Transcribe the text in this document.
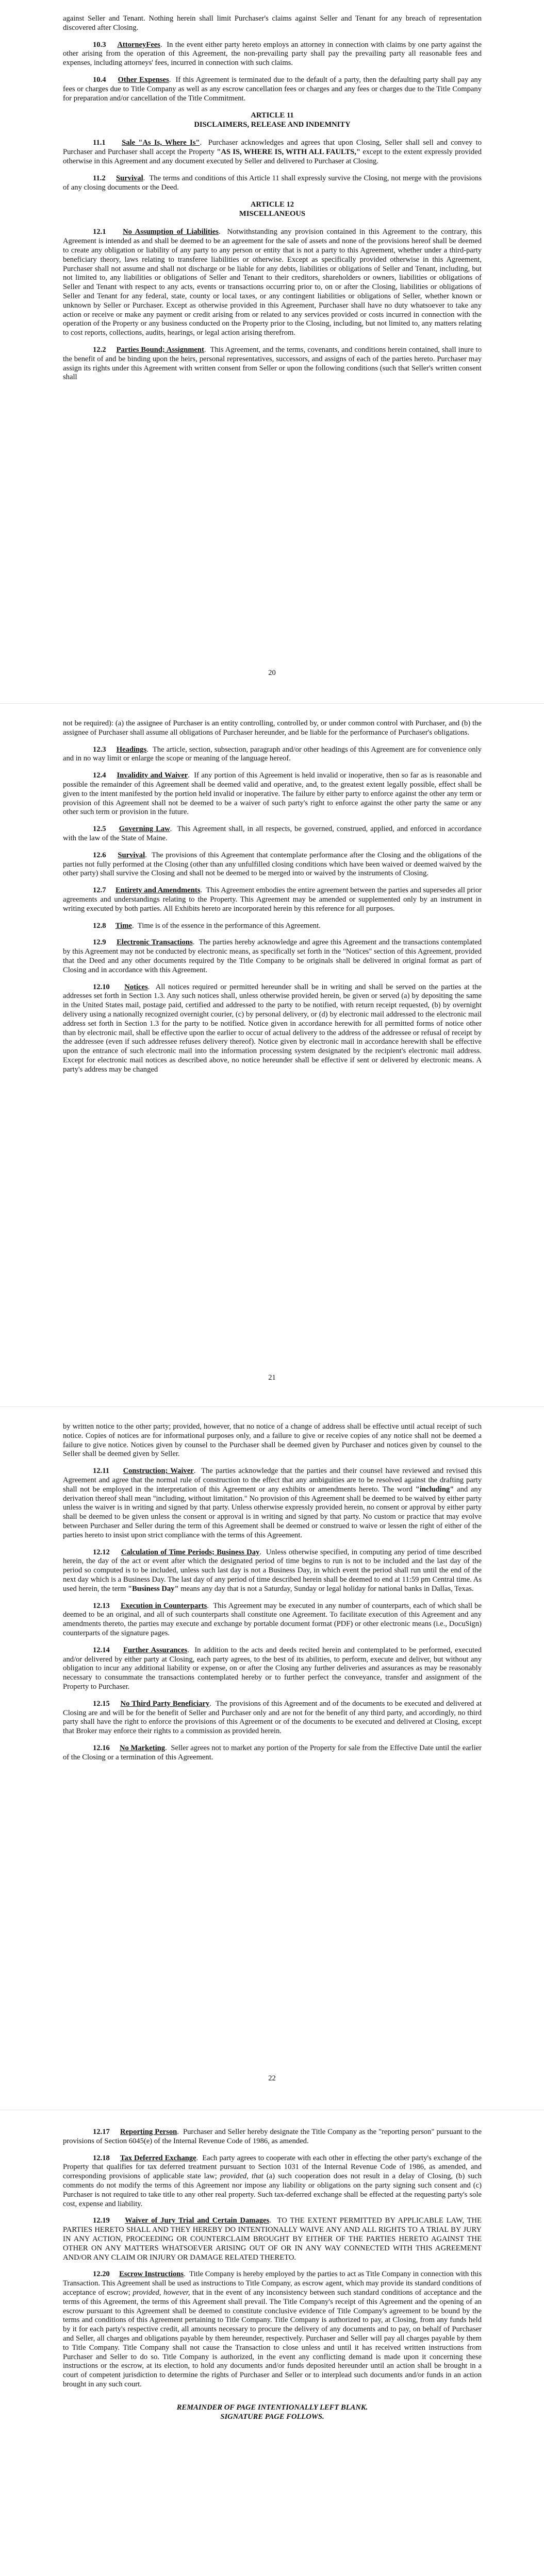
against Seller and Tenant. Nothing herein shall limit Purchaser's claims against Seller and Tenant for any breach of representation discovered after Closing.

10.3 AttorneyFees.  In the event either party hereto employs an attorney in connection with claims by one party against the other arising from the operation of this Agreement, the non-prevailing party shall pay the prevailing party all reasonable fees and expenses, including attorneys' fees, incurred in connection with such claims.

10.4 Other Expenses.  If this Agreement is terminated due to the default of a party, then the defaulting party shall pay any fees or charges due to Title Company as well as any escrow cancellation fees or charges and any fees or charges due to the Title Company for preparation and/or cancellation of the Title Commitment.

ARTICLE 11

DISCLAIMERS, RELEASE AND INDEMNITY

11.1 Sale "As Is, Where Is".  Purchaser acknowledges and agrees that upon Closing, Seller shall sell and convey to Purchaser and Purchaser shall accept the Property "AS IS, WHERE IS, WITH ALL FAULTS," except to the extent expressly provided otherwise in this Agreement and any document executed by Seller and delivered to Purchaser at Closing.

11.2 Survival.  The terms and conditions of this Article 11 shall expressly survive the Closing, not merge with the provisions of any closing documents or the Deed.

ARTICLE 12

MISCELLANEOUS

12.1 No Assumption of Liabilities.  Notwithstanding any provision contained in this Agreement to the contrary, this Agreement is intended as and shall be deemed to be an agreement for the sale of assets and none of the provisions hereof shall be deemed to create any obligation or liability of any party to any person or entity that is not a party to this Agreement, whether under a third-party beneficiary theory, laws relating to transferee liabilities or otherwise. Except as specifically provided otherwise in this Agreement, Purchaser shall not assume and shall not discharge or be liable for any debts, liabilities or obligations of Seller and Tenant, including, but not limited to, any liabilities or obligations of Seller and Tenant to their creditors, shareholders or owners, liabilities or obligations of Seller and Tenant with respect to any acts, events or transactions occurring prior to, on or after the Closing, liabilities or obligations of Seller and Tenant for any federal, state, county or local taxes, or any contingent liabilities or obligations of Seller, whether known or unknown by Seller or Purchaser. Except as otherwise provided in this Agreement, Purchaser shall have no duty whatsoever to take any action or receive or make any payment or credit arising from or related to any services provided or costs incurred in connection with the operation of the Property or any business conducted on the Property prior to the Closing, including, but not limited to, any matters relating to cost reports, collections, audits, hearings, or legal action arising therefrom.

12.2 Parties Bound; Assignment.  This Agreement, and the terms, covenants, and conditions herein contained, shall inure to the benefit of and be binding upon the heirs, personal representatives, successors, and assigns of each of the parties hereto. Purchaser may assign its rights under this Agreement with written consent from Seller or upon the following conditions (such that Seller's written consent shall

20

not be required): (a) the assignee of Purchaser is an entity controlling, controlled by, or under common control with Purchaser, and (b) the assignee of Purchaser shall assume all obligations of Purchaser hereunder, and be liable for the performance of Purchaser's obligations.

12.3 Headings.  The article, section, subsection, paragraph and/or other headings of this Agreement are for convenience only and in no way limit or enlarge the scope or meaning of the language hereof.

12.4 Invalidity and Waiver.  If any portion of this Agreement is held invalid or inoperative, then so far as is reasonable and possible the remainder of this Agreement shall be deemed valid and operative, and, to the greatest extent legally possible, effect shall be given to the intent manifested by the portion held invalid or inoperative. The failure by either party to enforce against the other any term or provision of this Agreement shall not be deemed to be a waiver of such party's right to enforce against the other party the same or any other such term or provision in the future.

12.5 Governing Law.  This Agreement shall, in all respects, be governed, construed, applied, and enforced in accordance with the law of the State of Maine.

12.6 Survival.  The provisions of this Agreement that contemplate performance after the Closing and the obligations of the parties not fully performed at the Closing (other than any unfulfilled closing conditions which have been waived or deemed waived by the other party) shall survive the Closing and shall not be deemed to be merged into or waived by the instruments of Closing.

12.7 Entirety and Amendments.  This Agreement embodies the entire agreement between the parties and supersedes all prior agreements and understandings relating to the Property. This Agreement may be amended or supplemented only by an instrument in writing executed by both parties. All Exhibits hereto are incorporated herein by this reference for all purposes.

12.8 Time.  Time is of the essence in the performance of this Agreement.

12.9 Electronic Transactions.  The parties hereby acknowledge and agree this Agreement and the transactions contemplated by this Agreement may not be conducted by electronic means, as specifically set forth in the "Notices" section of this Agreement, provided that the Deed and any other documents required by the Title Company to be originals shall be delivered in original format as part of Closing and in accordance with this Agreement.

12.10 Notices.  All notices required or permitted hereunder shall be in writing and shall be served on the parties at the addresses set forth in Section 1.3. Any such notices shall, unless otherwise provided herein, be given or served (a) by depositing the same in the United States mail, postage paid, certified and addressed to the party to be notified, with return receipt requested, (b) by overnight delivery using a nationally recognized overnight courier, (c) by personal delivery, or (d) by electronic mail addressed to the electronic mail address set forth in Section 1.3 for the party to be notified. Notice given in accordance herewith for all permitted forms of notice other than by electronic mail, shall be effective upon the earlier to occur of actual delivery to the address of the addressee or refusal of receipt by the addressee (even if such addressee refuses delivery thereof). Notice given by electronic mail in accordance herewith shall be effective upon the entrance of such electronic mail into the information processing system designated by the recipient's electronic mail address. Except for electronic mail notices as described above, no notice hereunder shall be effective if sent or delivered by electronic means. A party's address may be changed

21

by written notice to the other party; provided, however, that no notice of a change of address shall be effective until actual receipt of such notice. Copies of notices are for informational purposes only, and a failure to give or receive copies of any notice shall not be deemed a failure to give notice. Notices given by counsel to the Purchaser shall be deemed given by Purchaser and notices given by counsel to the Seller shall be deemed given by Seller.

12.11 Construction; Waiver.  The parties acknowledge that the parties and their counsel have reviewed and revised this Agreement and agree that the normal rule of construction to the effect that any ambiguities are to be resolved against the drafting party shall not be employed in the interpretation of this Agreement or any exhibits or amendments hereto. The word "including" and any derivation thereof shall mean "including, without limitation." No provision of this Agreement shall be deemed to be waived by either party unless the waiver is in writing and signed by that party. Unless otherwise expressly provided herein, no consent or approval by either party shall be deemed to be given unless the consent or approval is in writing and signed by that party. No custom or practice that may evolve between Purchaser and Seller during the term of this Agreement shall be deemed or construed to waive or lessen the right of either of the parties hereto to insist upon strict compliance with the terms of this Agreement.

12.12 Calculation of Time Periods; Business Day.  Unless otherwise specified, in computing any period of time described herein, the day of the act or event after which the designated period of time begins to run is not to be included and the last day of the period so computed is to be included, unless such last day is not a Business Day, in which event the period shall run until the end of the next day which is a Business Day. The last day of any period of time described herein shall be deemed to end at 11:59 pm Central time. As used herein, the term "Business Day" means any day that is not a Saturday, Sunday or legal holiday for national banks in Dallas, Texas.

12.13 Execution in Counterparts.  This Agreement may be executed in any number of counterparts, each of which shall be deemed to be an original, and all of such counterparts shall constitute one Agreement. To facilitate execution of this Agreement and any amendments thereto, the parties may execute and exchange by portable document format (PDF) or other electronic means (i.e., DocuSign) counterparts of the signature pages.

12.14 Further Assurances.  In addition to the acts and deeds recited herein and contemplated to be performed, executed and/or delivered by either party at Closing, each party agrees, to the best of its abilities, to perform, execute and deliver, but without any obligation to incur any additional liability or expense, on or after the Closing any further deliveries and assurances as may be reasonably necessary to consummate the transactions contemplated hereby or to further perfect the conveyance, transfer and assignment of the Property to Purchaser.

12.15 No Third Party Beneficiary.  The provisions of this Agreement and of the documents to be executed and delivered at Closing are and will be for the benefit of Seller and Purchaser only and are not for the benefit of any third party, and accordingly, no third party shall have the right to enforce the provisions of this Agreement or of the documents to be executed and delivered at Closing, except that Broker may enforce their rights to a commission as provided herein.

12.16 No Marketing.  Seller agrees not to market any portion of the Property for sale from the Effective Date until the earlier of the Closing or a termination of this Agreement.

22

12.17 Reporting Person.  Purchaser and Seller hereby designate the Title Company as the "reporting person" pursuant to the provisions of Section 6045(e) of the Internal Revenue Code of 1986, as amended.

12.18 Tax Deferred Exchange.  Each party agrees to cooperate with each other in effecting the other party's exchange of the Property that qualifies for tax deferred treatment pursuant to Section 1031 of the Internal Revenue Code of 1986, as amended, and corresponding provisions of applicable state law; provided, that (a) such cooperation does not result in a delay of Closing, (b) such comments do not modify the terms of this Agreement nor impose any liability or obligations on the party signing such consent and (c) Purchaser is not required to take title to any other real property. Such tax-deferred exchange shall be effected at the requesting party's sole cost, expense and liability.

12.19 Waiver of Jury Trial and Certain Damages.  TO THE EXTENT PERMITTED BY APPLICABLE LAW, THE PARTIES HERETO SHALL AND THEY HEREBY DO INTENTIONALLY WAIVE ANY AND ALL RIGHTS TO A TRIAL BY JURY IN ANY ACTION, PROCEEDING OR COUNTERCLAIM BROUGHT BY EITHER OF THE PARTIES HERETO AGAINST THE OTHER ON ANY MATTERS WHATSOEVER ARISING OUT OF OR IN ANY WAY CONNECTED WITH THIS AGREEMENT AND/OR ANY CLAIM OR INJURY OR DAMAGE RELATED THERETO.

12.20 Escrow Instructions.  Title Company is hereby employed by the parties to act as Title Company in connection with this Transaction. This Agreement shall be used as instructions to Title Company, as escrow agent, which may provide its standard conditions of acceptance of escrow; provided, however, that in the event of any inconsistency between such standard conditions of acceptance and the terms of this Agreement, the terms of this Agreement shall prevail. The Title Company's receipt of this Agreement and the opening of an escrow pursuant to this Agreement shall be deemed to constitute conclusive evidence of Title Company's agreement to be bound by the terms and conditions of this Agreement pertaining to Title Company. Title Company is authorized to pay, at Closing, from any funds held by it for each party's respective credit, all amounts necessary to procure the delivery of any documents and to pay, on behalf of Purchaser and Seller, all charges and obligations payable by them hereunder, respectively. Purchaser and Seller will pay all charges payable by them to Title Company. Title Company shall not cause the Transaction to close unless and until it has received written instructions from Purchaser and Seller to do so. Title Company is authorized, in the event any conflicting demand is made upon it concerning these instructions or the escrow, at its election, to hold any documents and/or funds deposited hereunder until an action shall be brought in a court of competent jurisdiction to determine the rights of Purchaser and Seller or to interplead such documents and/or funds in an action brought in any such court.

REMAINDER OF PAGE INTENTIONALLY LEFT BLANK.

SIGNATURE PAGE FOLLOWS.
